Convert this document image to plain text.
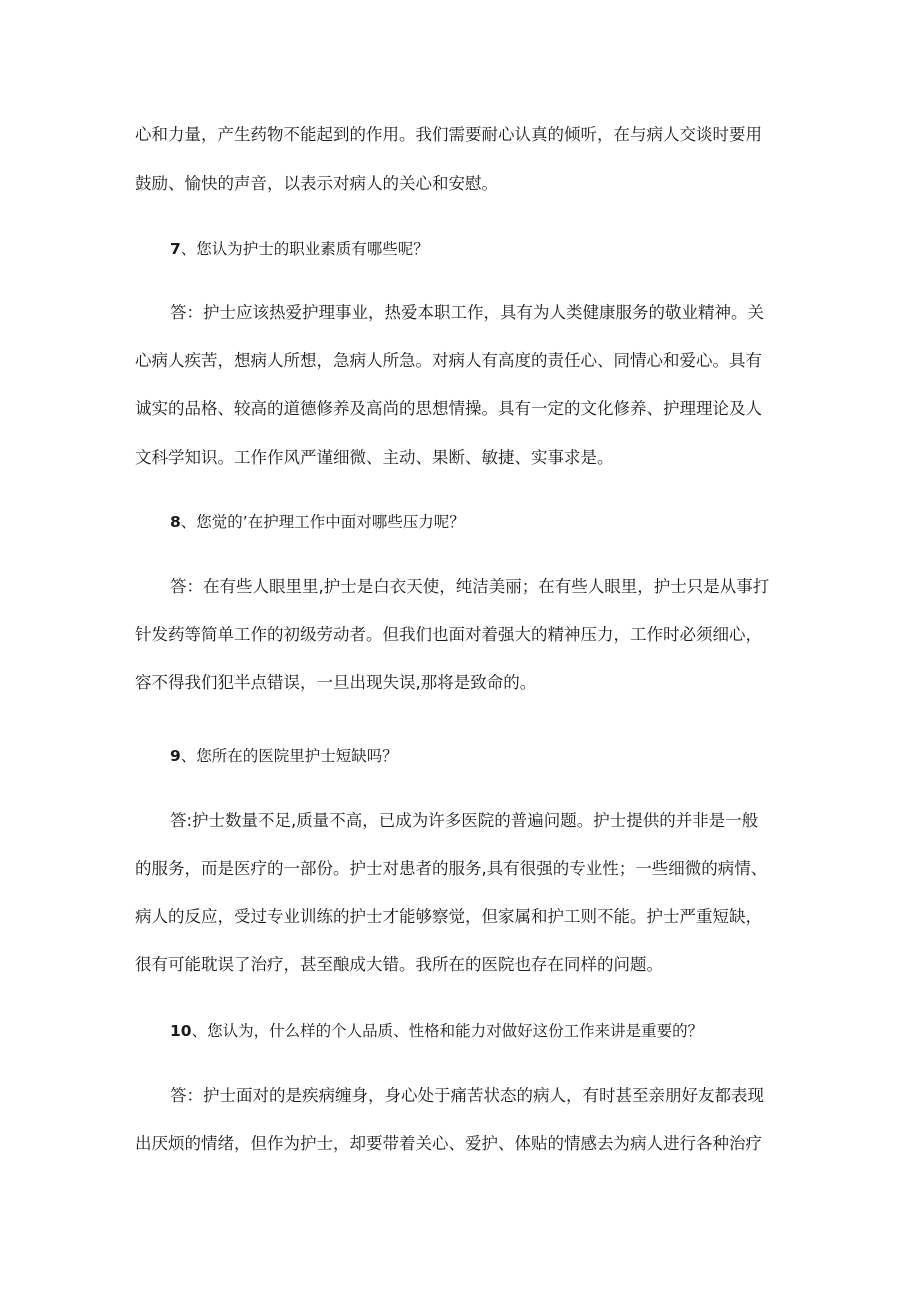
心和力量，产生药物不能起到的作用。我们需要耐心认真的倾听，在与病人交谈时要用
鼓励、愉快的声音，以表示对病人的关心和安慰。
7、您认为护士的职业素质有哪些呢？
答：护士应该热爱护理事业，热爱本职工作，具有为人类健康服务的敬业精神。关
心病人疾苦，想病人所想，急病人所急。对病人有高度的责任心、同情心和爱心。具有
诚实的品格、较高的道德修养及高尚的思想情操。具有一定的文化修养、护理理论及人
文科学知识。工作作风严谨细微、主动、果断、敏捷、实事求是。
8、您觉的’在护理工作中面对哪些压力呢？
答：在有些人眼里里,护士是白衣天使，纯洁美丽；在有些人眼里，护士只是从事打
针发药等简单工作的初级劳动者。但我们也面对着强大的精神压力，工作时必须细心，
容不得我们犯半点错误，一旦出现失误,那将是致命的。
9、您所在的医院里护士短缺吗？
答:护士数量不足,质量不高，已成为许多医院的普遍问题。护士提供的并非是一般
的服务，而是医疗的一部份。护士对患者的服务,具有很强的专业性；一些细微的病情、
病人的反应，受过专业训练的护士才能够察觉，但家属和护工则不能。护士严重短缺，
很有可能耽误了治疗，甚至酿成大错。我所在的医院也存在同样的问题。
10、您认为，什么样的个人品质、性格和能力对做好这份工作来讲是重要的？
答：护士面对的是疾病缠身，身心处于痛苦状态的病人，有时甚至亲朋好友都表现
出厌烦的情绪，但作为护士，却要带着关心、爱护、体贴的情感去为病人进行各种治疗
